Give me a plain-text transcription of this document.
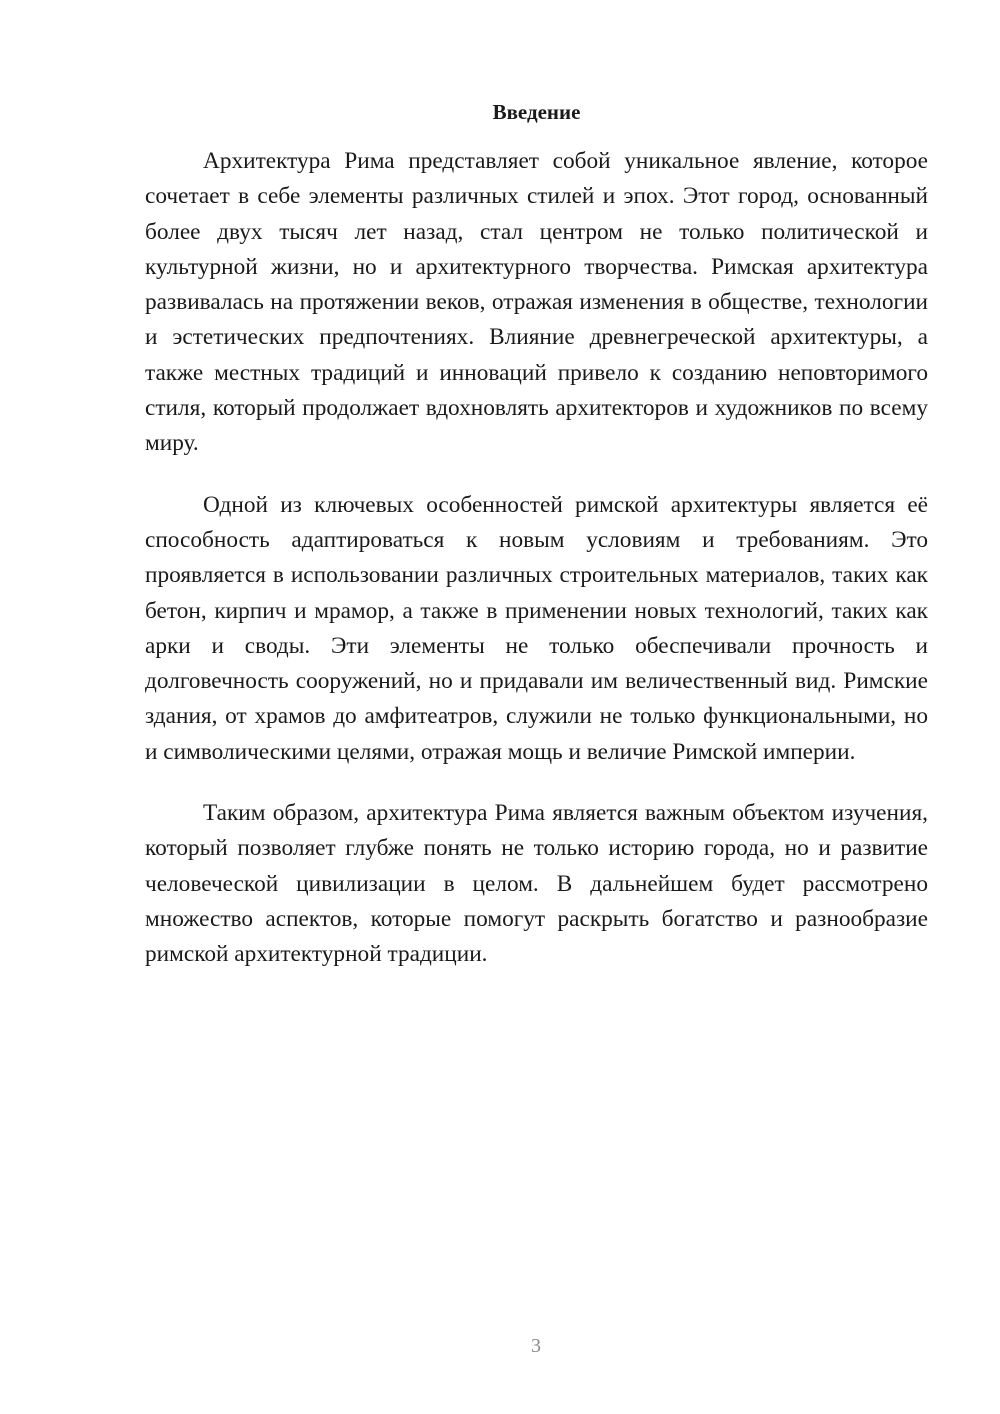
Введение

Архитектура Рима представляет собой уникальное явление, которое сочетает в себе элементы различных стилей и эпох. Этот город, основанный более двух тысяч лет назад, стал центром не только политической и культурной жизни, но и архитектурного творчества. Римская архитектура развивалась на протяжении веков, отражая изменения в обществе, технологии и эстетических предпочтениях. Влияние древнегреческой архитектуры, а также местных традиций и инноваций привело к созданию неповторимого стиля, который продолжает вдохновлять архитекторов и художников по всему миру.

Одной из ключевых особенностей римской архитектуры является её способность адаптироваться к новым условиям и требованиям. Это проявляется в использовании различных строительных материалов, таких как бетон, кирпич и мрамор, а также в применении новых технологий, таких как арки и своды. Эти элементы не только обеспечивали прочность и долговечность сооружений, но и придавали им величественный вид. Римские здания, от храмов до амфитеатров, служили не только функциональными, но и символическими целями, отражая мощь и величие Римской империи.

Таким образом, архитектура Рима является важным объектом изучения, который позволяет глубже понять не только историю города, но и развитие человеческой цивилизации в целом. В дальнейшем будет рассмотрено множество аспектов, которые помогут раскрыть богатство и разнообразие римской архитектурной традиции.

3
